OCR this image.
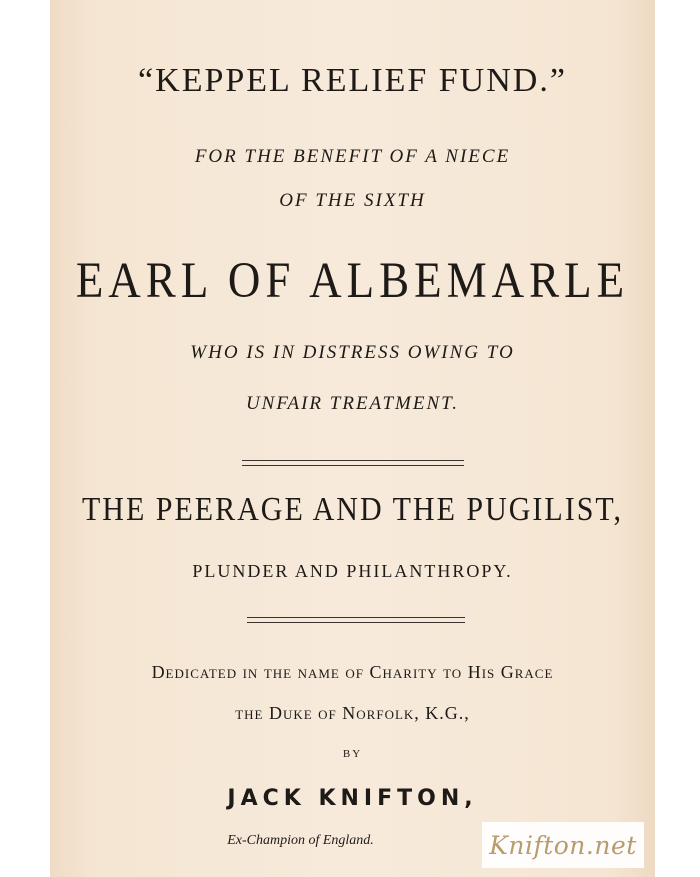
“KEPPEL RELIEF FUND.”
FOR THE BENEFIT OF A NIECE
OF THE SIXTH
EARL OF ALBEMARLE
WHO IS IN DISTRESS OWING TO
UNFAIR TREATMENT.
THE PEERAGE AND THE PUGILIST,
PLUNDER AND PHILANTHROPY.
Dedicated in the name of Charity to His Grace
the Duke of Norfolk, K.G.,
BY
JACK KNIFTON,
Ex-Champion of England.	Knifton.net
